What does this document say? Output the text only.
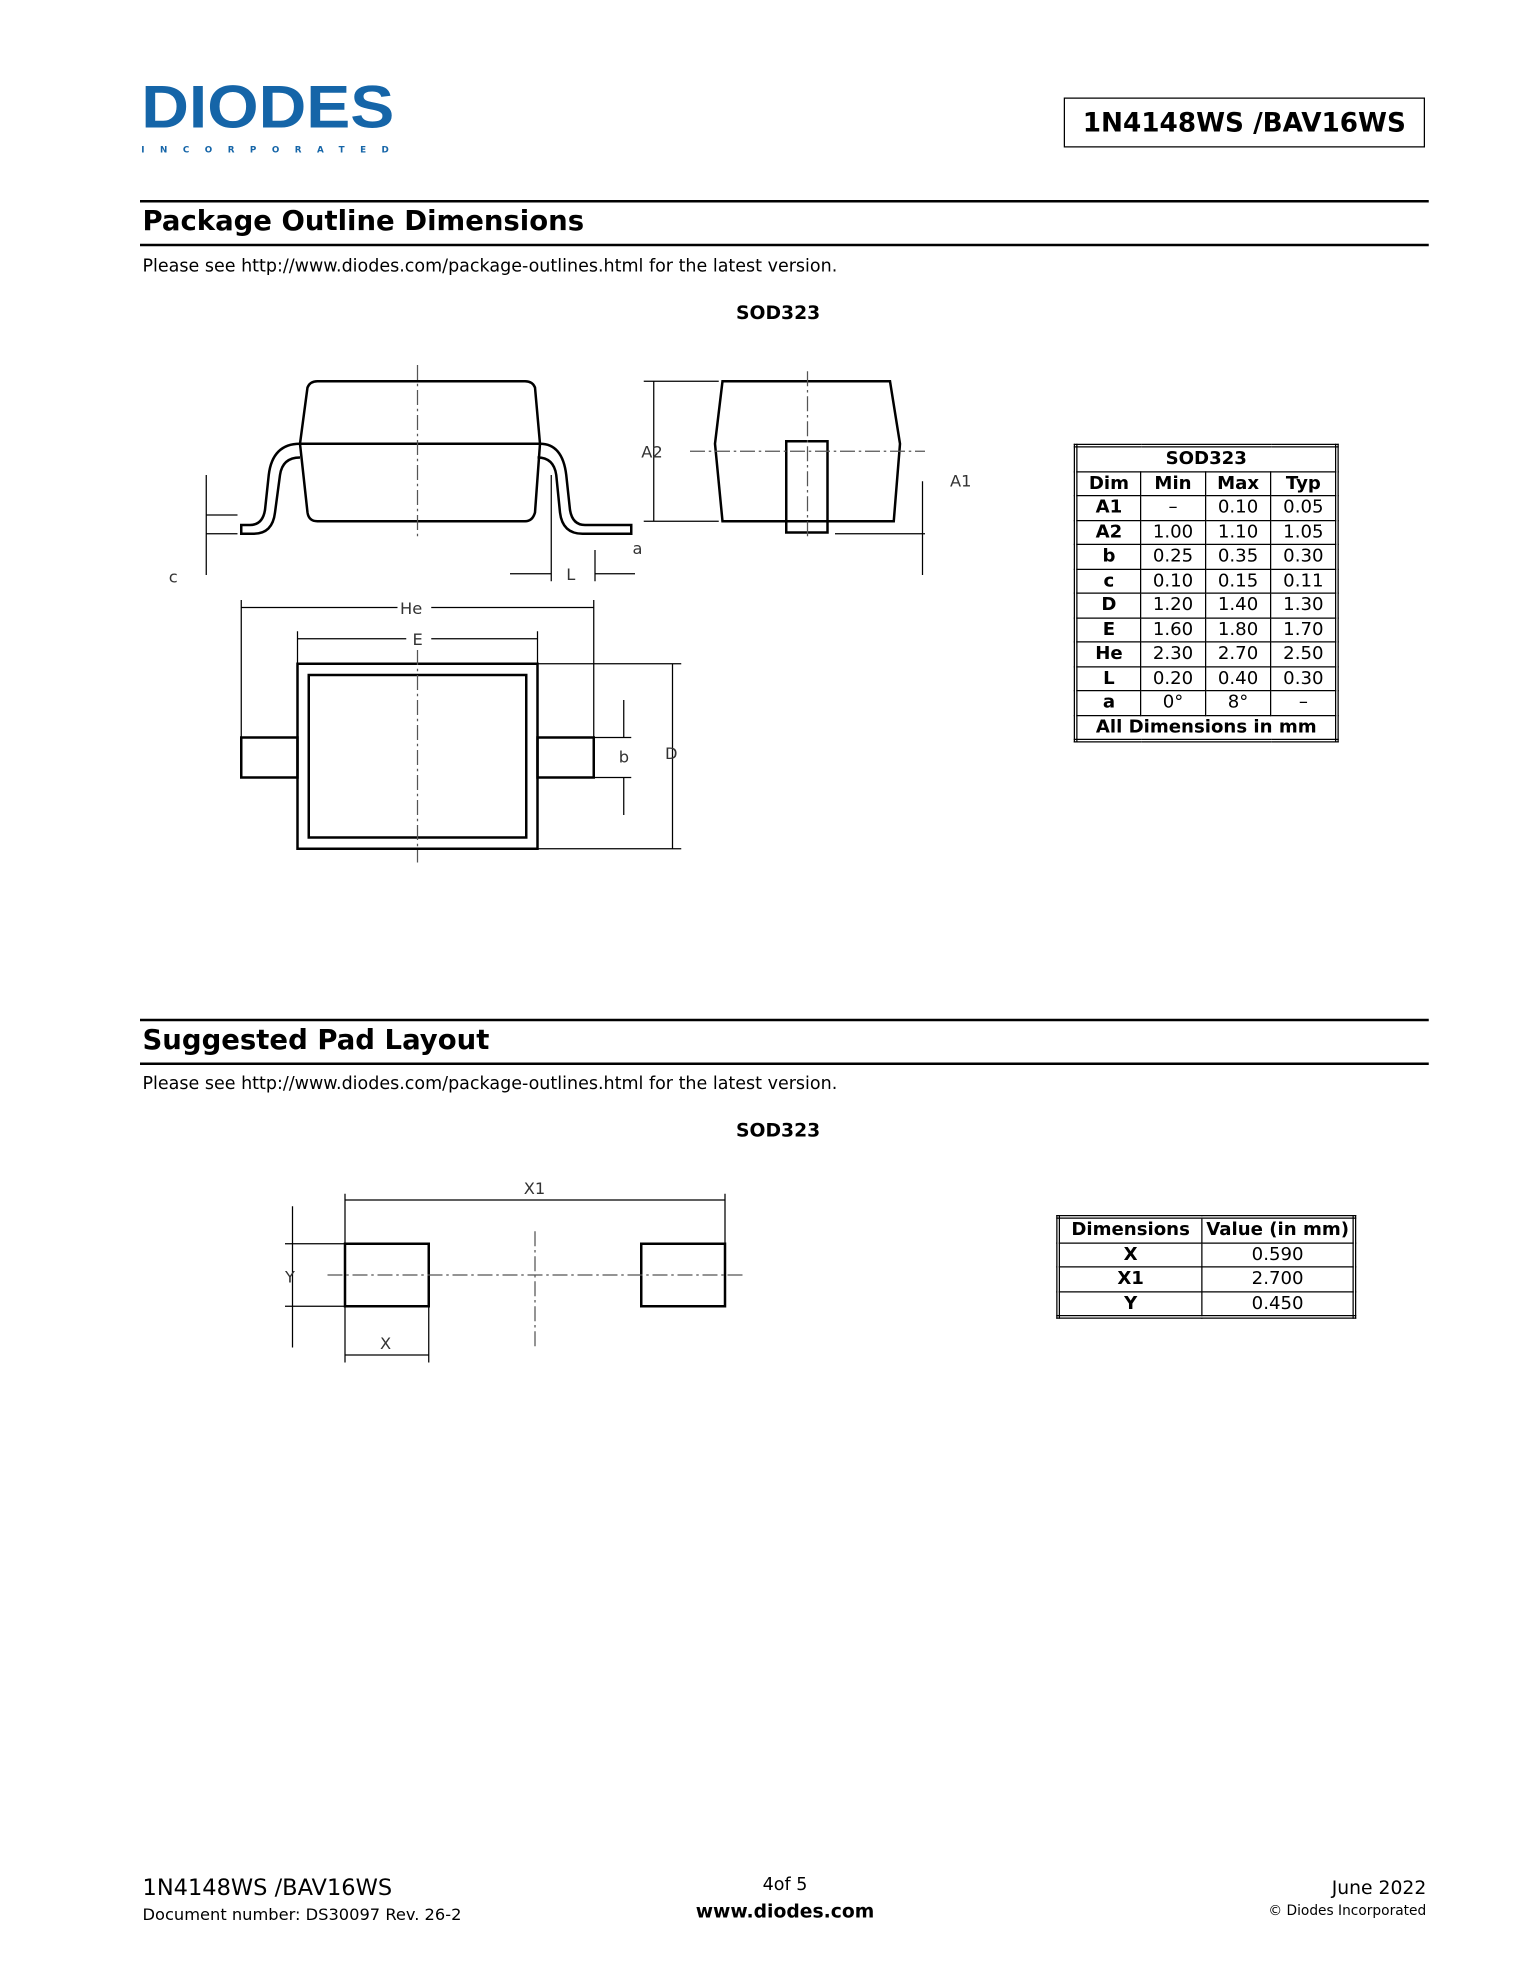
DIODES
INCORPORATED
1N4148WS /BAV16WS
Package Outline Dimensions
Please see http://www.diodes.com/package-outlines.html for the latest version.
SOD323
A2
A1
c	L
a
He
E
b	D
X1
Y
X
SOD323			
Dim	Min	Max	Typ
A1	–	0.10	0.05
A2	1.00	1.10	1.05
b	0.25	0.35	0.30
c	0.10	0.15	0.11
D	1.20	1.40	1.30
E	1.60	1.80	1.70
He	2.30	2.70	2.50
L	0.20	0.40	0.30
a	0°	8°	–
All Dimensions in mm			
Suggested Pad Layout
Please see http://www.diodes.com/package-outlines.html for the latest version.
SOD323
Dimensions	Value (in mm)
X	0.590
X1	2.700
Y	0.450
1N4148WS /BAV16WS
Document number: DS30097 Rev. 26-2
4of 5
www.diodes.com
June 2022
© Diodes Incorporated
